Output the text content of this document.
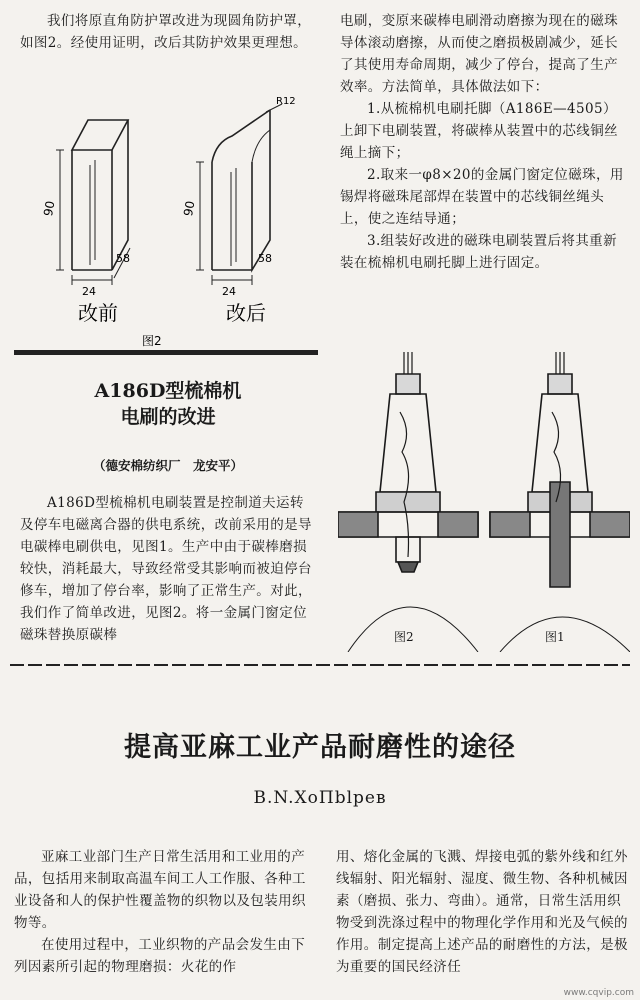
我们将原直角防护罩改进为现圆角防护罩，如图2。经使用证明，改后其防护效果更理想。

90
24
58
改前
R12
90
24
58
改后
图2

电刷，变原来碳棒电刷滑动磨擦为现在的磁珠导体滚动磨擦，从而使之磨损极剧减少，延长了其使用寿命周期，减少了停台，提高了生产效率。方法简单，具体做法如下：

1.从梳棉机电刷托脚（A186E—4505）上卸下电刷装置，将碳棒从装置中的芯线铜丝绳上摘下；

2.取来一φ8×20的金属门窗定位磁珠，用锡焊将磁珠尾部焊在装置中的芯线铜丝绳头上，使之连结导通；

3.组装好改进的磁珠电刷装置后将其重新装在梳棉机电刷托脚上进行固定。

A186D型梳棉机
电刷的改进
（德安棉纺织厂　龙安平）

A186D型梳棉机电刷装置是控制道夫运转及停车电磁离合器的供电系统，改前采用的是导电碳棒电刷供电，见图1。生产中由于碳棒磨损较快，消耗最大，导致经常受其影响而被迫停台修车，增加了停台率，影响了正常生产。对此，我们作了简单改进，见图2。将一金属门窗定位磁珠替换原碳棒	图2	图1
提高亚麻工业产品耐磨性的途径
B.N.ХоПblрев

亚麻工业部门生产日常生活用和工业用的产品，包括用来制取高温车间工人工作服、各种工业设备和人的保护性覆盖物的织物以及包装用织物等。

在使用过程中，工业织物的产品会发生由下列因素所引起的物理磨损：火花的作

用、熔化金属的飞溅、焊接电弧的紫外线和红外线辐射、阳光辐射、湿度、微生物、各种机械因素（磨损、张力、弯曲）。通常，日常生活用织物受到洗涤过程中的物理化学作用和光及气候的作用。制定提高上述产品的耐磨性的方法，是极为重要的国民经济任

www.cqvip.com
